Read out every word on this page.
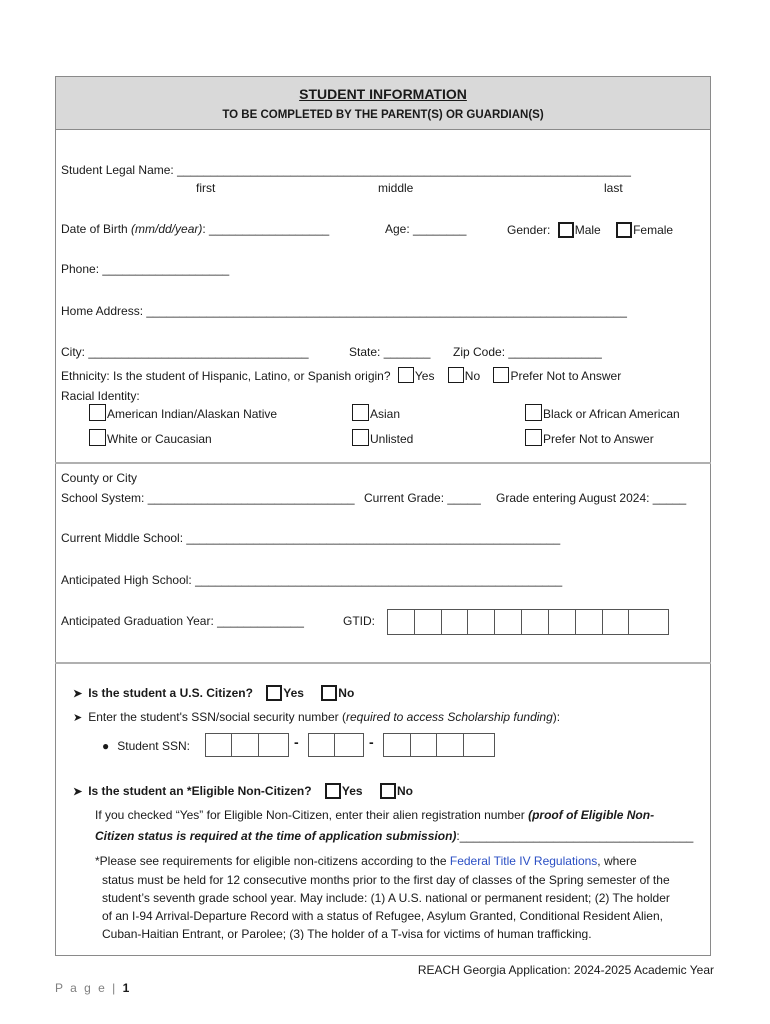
STUDENT INFORMATION
TO BE COMPLETED BY THE PARENT(S) OR GUARDIAN(S)
Student Legal Name: ____________________________________________________________________
first	middle	last
Date of Birth (mm/dd/year): __________________	Age: ________	Gender: Male	Female
Phone: ___________________
Home Address: ________________________________________________________________________
City: _________________________________	State: _______ Zip Code: ______________
Ethnicity: Is the student of Hispanic, Latino, or Spanish origin? Yes	No	Prefer Not to Answer
Racial Identity:
American Indian/Alaskan Native	Asian	Black or African American
White or Caucasian	Unlisted	Prefer Not to Answer
County or City
School System: _______________________________ Current Grade: _____ Grade entering August 2024: _____
Current Middle School: ________________________________________________________
Anticipated High School: _______________________________________________________
Anticipated Graduation Year: _____________	GTID:
➤ Is the student a U.S. Citizen?	Yes	No
➤ Enter the student's SSN/social security number (required to access Scholarship funding):
● Student SSN:	-	-
➤ Is the student an *Eligible Non-Citizen?	Yes	No
If you checked “Yes” for Eligible Non-Citizen, enter their alien registration number (proof of Eligible Non-
Citizen status is required at the time of application submission):___________________________________
*Please see requirements for eligible non-citizens according to the Federal Title IV Regulations, where
status must be held for 12 consecutive months prior to the first day of classes of the Spring semester of the
student’s seventh grade school year. May include: (1) A U.S. national or permanent resident; (2) The holder
of an I-94 Arrival-Departure Record with a status of Refugee, Asylum Granted, Conditional Resident Alien,
Cuban-Haitian Entrant, or Parolee; (3) The holder of a T-visa for victims of human trafficking.
REACH Georgia Application: 2024-2025 Academic Year
P a g e | 1
